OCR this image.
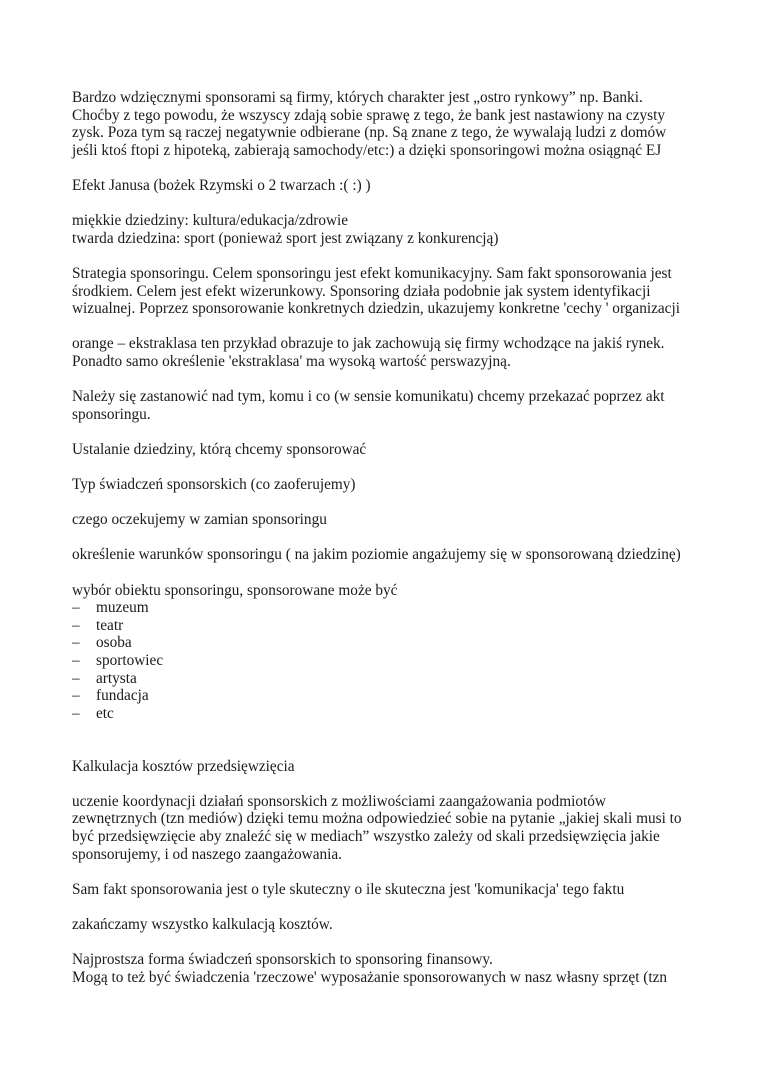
Bardzo wdzięcznymi sponsorami są firmy, których charakter jest „ostro rynkowy” np. Banki.
Choćby z tego powodu, że wszyscy zdają sobie sprawę z tego, że bank jest nastawiony na czysty
zysk. Poza tym są raczej negatywnie odbierane (np. Są znane z tego, że wywalają ludzi z domów
jeśli ktoś ftopi z hipoteką, zabierają samochody/etc:) a dzięki sponsoringowi można osiągnąć EJ

Efekt Janusa (bożek Rzymski o 2 twarzach :( :) )

miękkie dziedziny: kultura/edukacja/zdrowie
twarda dziedzina: sport (ponieważ sport jest związany z konkurencją)

Strategia sponsoringu. Celem sponsoringu jest efekt komunikacyjny. Sam fakt sponsorowania jest
środkiem. Celem jest efekt wizerunkowy. Sponsoring działa podobnie jak system identyfikacji
wizualnej. Poprzez sponsorowanie konkretnych dziedzin, ukazujemy konkretne 'cechy ' organizacji

orange – ekstraklasa ten przykład obrazuje to jak zachowują się firmy wchodzące na jakiś rynek.
Ponadto samo określenie 'ekstraklasa' ma wysoką wartość perswazyjną.

Należy się zastanowić nad tym, komu i co (w sensie komunikatu) chcemy przekazać poprzez akt
sponsoringu.

Ustalanie dziedziny, którą chcemy sponsorować

Typ świadczeń sponsorskich (co zaoferujemy)

czego oczekujemy w zamian sponsoringu

określenie warunków sponsoringu ( na jakim poziomie angażujemy się w sponsorowaną dziedzinę)

wybór obiektu sponsoringu, sponsorowane może być
– muzeum
– teatr
– osoba
– sportowiec
– artysta
– fundacja
– etc

Kalkulacja kosztów przedsięwzięcia

uczenie koordynacji działań sponsorskich z możliwościami zaangażowania podmiotów
zewnętrznych (tzn mediów) dzięki temu można odpowiedzieć sobie na pytanie „jakiej skali musi to
być przedsięwzięcie aby znaleźć się w mediach” wszystko zależy od skali przedsięwzięcia jakie
sponsorujemy, i od naszego zaangażowania.

Sam fakt sponsorowania jest o tyle skuteczny o ile skuteczna jest 'komunikacja' tego faktu

zakańczamy wszystko kalkulacją kosztów.

Najprostsza forma świadczeń sponsorskich to sponsoring finansowy.
Mogą to też być świadczenia 'rzeczowe' wyposażanie sponsorowanych w nasz własny sprzęt (tzn
